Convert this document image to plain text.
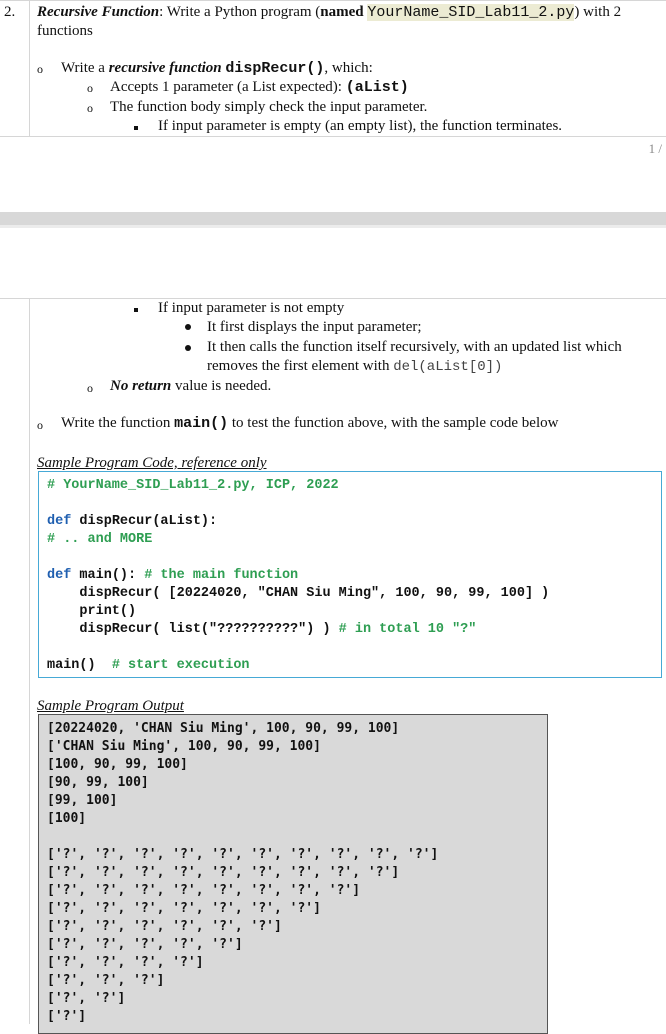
2. Recursive Function: Write a Python program (named YourName_SID_Lab11_2.py) with 2
functions
o Write a recursive function dispRecur(), which:
o Accepts 1 parameter (a List expected): (aList)
o The function body simply check the input parameter.
If input parameter is empty (an empty list), the function terminates.
1 /
If input parameter is not empty
It first displays the input parameter;
It then calls the function itself recursively, with an updated list which
removes the first element with del(aList[0])
o No return value is needed.
o Write the function main() to test the function above, with the sample code below
Sample Program Code, reference only
# YourName_SID_Lab11_2.py, ICP, 2022
def dispRecur(aList):
# .. and MORE
def main(): # the main function
dispRecur( [20224020, "CHAN Siu Ming", 100, 90, 99, 100] )
print()
dispRecur( list("??????????") ) # in total 10 "?"
main()  # start execution
Sample Program Output
[20224020, 'CHAN Siu Ming', 100, 90, 99, 100]
['CHAN Siu Ming', 100, 90, 99, 100]
[100, 90, 99, 100]
[90, 99, 100]
[99, 100]
[100]
['?', '?', '?', '?', '?', '?', '?', '?', '?', '?']
['?', '?', '?', '?', '?', '?', '?', '?', '?']
['?', '?', '?', '?', '?', '?', '?', '?']
['?', '?', '?', '?', '?', '?', '?']
['?', '?', '?', '?', '?', '?']
['?', '?', '?', '?', '?']
['?', '?', '?', '?']
['?', '?', '?']
['?', '?']
['?']
